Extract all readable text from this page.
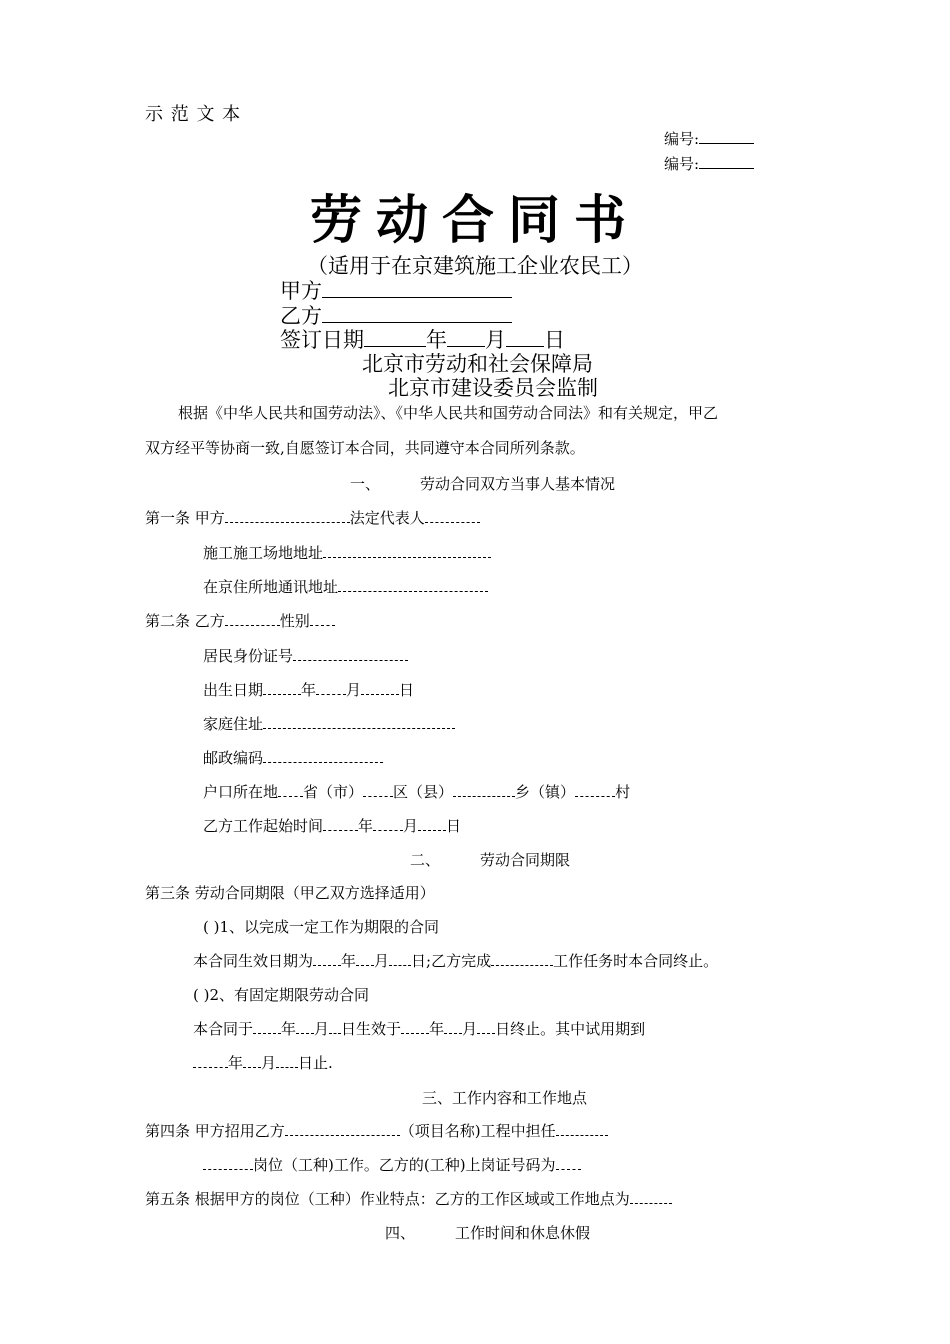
示 范 文 本
编号:
编号:
劳动合同书
（适用于在京建筑施工企业农民工）
甲方
乙方
签订日期	年 月 日
北京市劳动和社会保障局
北京市建设委员会监制
根据《中华人民共和国劳动法》、《中华人民共和国劳动合同法》和有关规定，甲乙
双方经平等协商一致,自愿签订本合同，共同遵守本合同所列条款。
一、	劳动合同双方当事人基本情况
第一条 甲方	法定代表人
施工施工场地地址
在京住所地通讯地址
第二条 乙方	性别
居民身份证号
出生日期	年 月	日
家庭住址
邮政编码
户口所在地 省（市） 区（县）	乡（镇）	村
乙方工作起始时间 年 月 日
二、	劳动合同期限
第三条 劳动合同期限（甲乙双方选择适用）
( )1、以完成一定工作为期限的合同
本合同生效日期为 年 月 日;乙方完成	工作任务时本合同终止。
( )2、有固定期限劳动合同
本合同于 年 月 日生效于 年 月 日终止。其中试用期到
年 月 日止.
三、工作内容和工作地点
第四条 甲方招用乙方	（项目名称)工程中担任
岗位（工种)工作。乙方的(工种)上岗证号码为
第五条 根据甲方的岗位（工种）作业特点：乙方的工作区域或工作地点为
四、	工作时间和休息休假
